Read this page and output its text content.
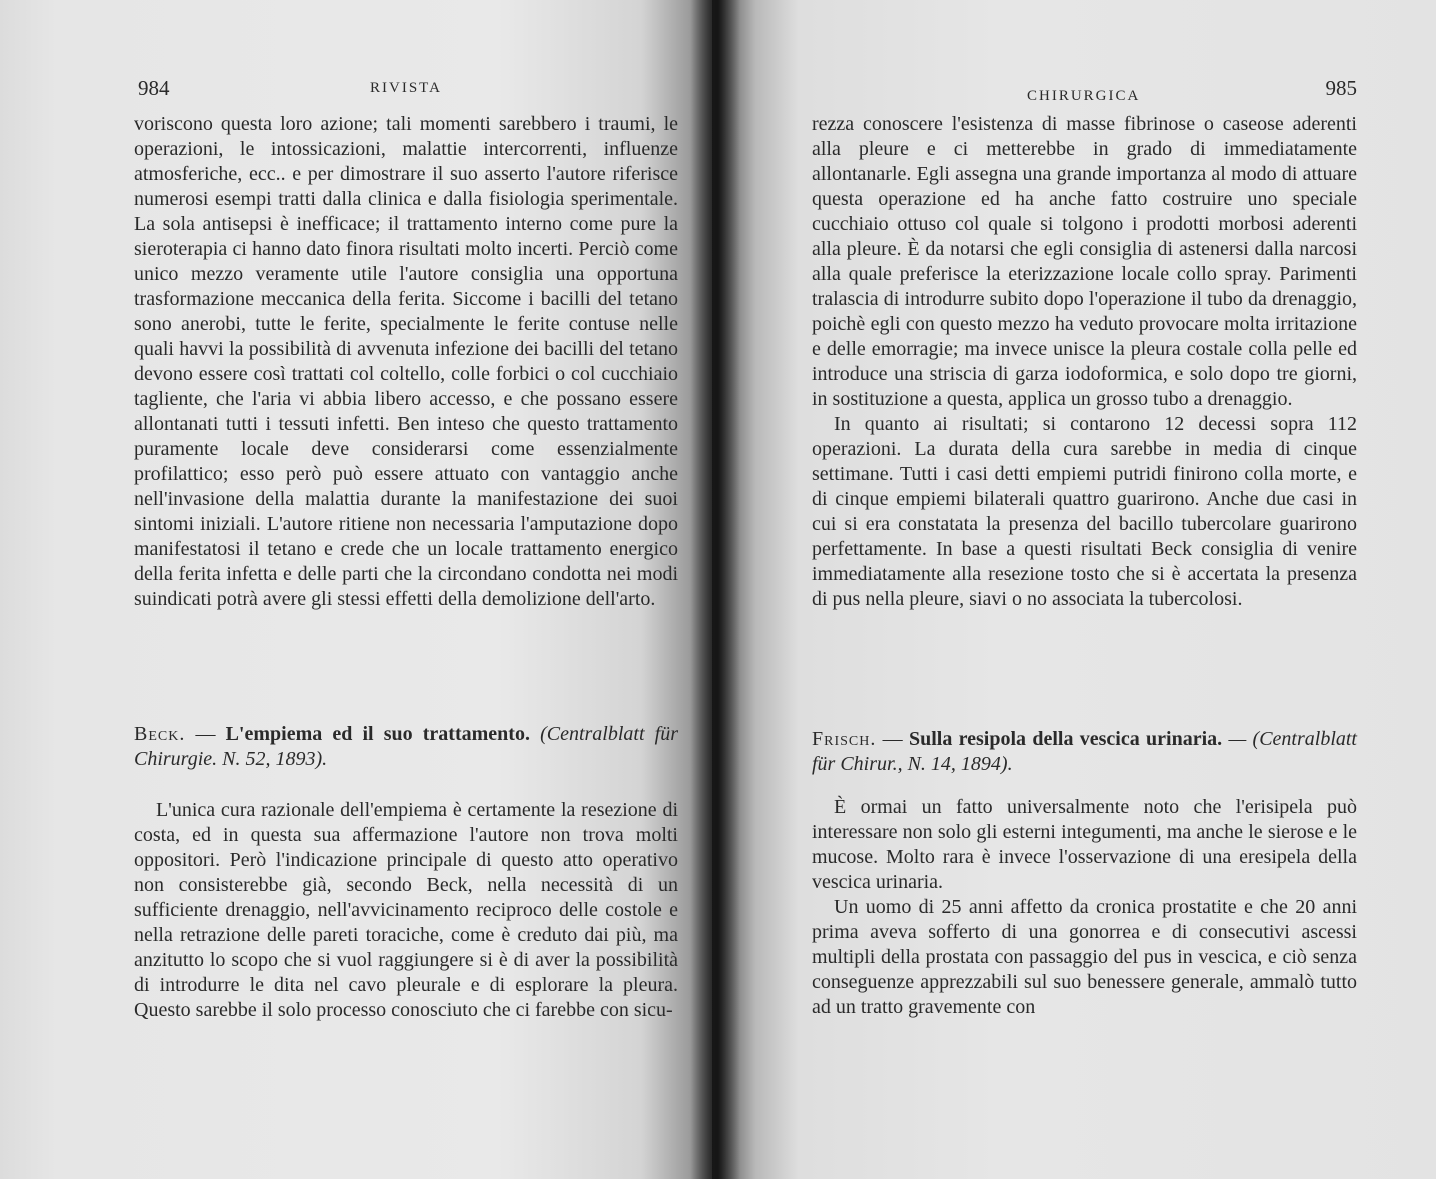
984	RIVISTA

voriscono questa loro azione; tali momenti sarebbero i traumi, le operazioni, le intossicazioni, malattie intercorrenti, influenze atmosferiche, ecc.. e per dimostrare il suo asserto l'autore riferisce numerosi esempi tratti dalla clinica e dalla fisiologia sperimentale. La sola antisepsi è inefficace; il trattamento interno come pure la sieroterapia ci hanno dato finora risultati molto incerti. Perciò come unico mezzo veramente utile l'autore consiglia una opportuna trasformazione meccanica della ferita. Siccome i bacilli del tetano sono anerobi, tutte le ferite, specialmente le ferite contuse nelle quali havvi la possibilità di avvenuta infezione dei bacilli del tetano devono essere così trattati col coltello, colle forbici o col cucchiaio tagliente, che l'aria vi abbia libero accesso, e che possano essere allontanati tutti i tessuti infetti. Ben inteso che questo trattamento puramente locale deve considerarsi come essenzialmente profilattico; esso però può essere attuato con vantaggio anche nell'invasione della malattia durante la manifestazione dei suoi sintomi iniziali. L'autore ritiene non necessaria l'amputazione dopo manifestatosi il tetano e crede che un locale trattamento energico della ferita infetta e delle parti che la circondano condotta nei modi suindicati potrà avere gli stessi effetti della demolizione dell'arto.

Beck. — L'empiema ed il suo trattamento. (Centralblatt für Chirurgie. N. 52, 1893).

L'unica cura razionale dell'empiema è certamente la resezione di costa, ed in questa sua affermazione l'autore non trova molti oppositori. Però l'indicazione principale di questo atto operativo non consisterebbe già, secondo Beck, nella necessità di un sufficiente drenaggio, nell'avvicinamento reciproco delle costole e nella retrazione delle pareti toraciche, come è creduto dai più, ma anzitutto lo scopo che si vuol raggiungere si è di aver la possibilità di introdurre le dita nel cavo pleurale e di esplorare la pleura. Questo sarebbe il solo processo conosciuto che ci farebbe con sicu-

CHIRURGICA	985

rezza conoscere l'esistenza di masse fibrinose o caseose aderenti alla pleure e ci metterebbe in grado di immediatamente allontanarle. Egli assegna una grande importanza al modo di attuare questa operazione ed ha anche fatto costruire uno speciale cucchiaio ottuso col quale si tolgono i prodotti morbosi aderenti alla pleure. È da notarsi che egli consiglia di astenersi dalla narcosi alla quale preferisce la eterizzazione locale collo spray. Parimenti tralascia di introdurre subito dopo l'operazione il tubo da drenaggio, poichè egli con questo mezzo ha veduto provocare molta irritazione e delle emorragie; ma invece unisce la pleura costale colla pelle ed introduce una striscia di garza iodoformica, e solo dopo tre giorni, in sostituzione a questa, applica un grosso tubo a drenaggio.

In quanto ai risultati; si contarono 12 decessi sopra 112 operazioni. La durata della cura sarebbe in media di cinque settimane. Tutti i casi detti empiemi putridi finirono colla morte, e di cinque empiemi bilaterali quattro guarirono. Anche due casi in cui si era constatata la presenza del bacillo tubercolare guarirono perfettamente. In base a questi risultati Beck consiglia di venire immediatamente alla resezione tosto che si è accertata la presenza di pus nella pleure, siavi o no associata la tubercolosi.

Frisch. — Sulla resipola della vescica urinaria. — (Centralblatt für Chirur., N. 14, 1894).

È ormai un fatto universalmente noto che l'erisipela può interessare non solo gli esterni integumenti, ma anche le sierose e le mucose. Molto rara è invece l'osservazione di una eresipela della vescica urinaria.

Un uomo di 25 anni affetto da cronica prostatite e che 20 anni prima aveva sofferto di una gonorrea e di consecutivi ascessi multipli della prostata con passaggio del pus in vescica, e ciò senza conseguenze apprezzabili sul suo benessere generale, ammalò tutto ad un tratto gravemente con
